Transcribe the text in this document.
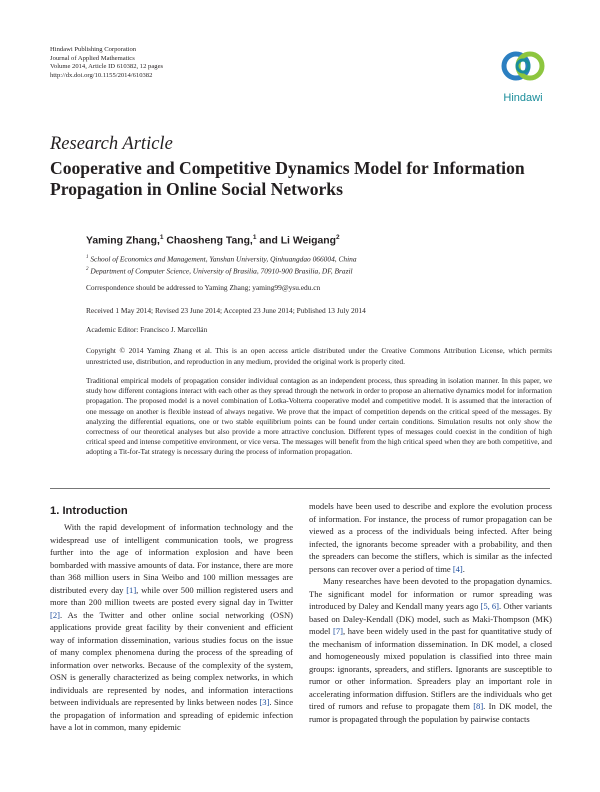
Hindawi Publishing Corporation
Journal of Applied Mathematics
Volume 2014, Article ID 610382, 12 pages
http://dx.doi.org/10.1155/2014/610382
Hindawi
Research Article
Cooperative and Competitive Dynamics Model for Information Propagation in Online Social Networks
Yaming Zhang,$^1$ Chaosheng Tang,$^1$ and Li Weigang$^2$
$^1$ School of Economics and Management, Yanshan University, Qinhuangdao 066004, China
$^2$ Department of Computer Science, University of Brasilia, 70910-900 Brasilia, DF, Brazil
Correspondence should be addressed to Yaming Zhang; yaming99@ysu.edu.cn
Received 1 May 2014; Revised 23 June 2014; Accepted 23 June 2014; Published 13 July 2014
Academic Editor: Francisco J. Marcellán
Copyright © 2014 Yaming Zhang et al. This is an open access article distributed under the Creative Commons Attribution License, which permits unrestricted use, distribution, and reproduction in any medium, provided the original work is properly cited.
Traditional empirical models of propagation consider individual contagion as an independent process, thus spreading in isolation manner. In this paper, we study how different contagions interact with each other as they spread through the network in order to propose an alternative dynamics model for information propagation. The proposed model is a novel combination of Lotka-Volterra cooperative model and competitive model. It is assumed that the interaction of one message on another is flexible instead of always negative. We prove that the impact of competition depends on the critical speed of the messages. By analyzing the differential equations, one or two stable equilibrium points can be found under certain conditions. Simulation results not only show the correctness of our theoretical analyses but also provide a more attractive conclusion. Different types of messages could coexist in the condition of high critical speed and intense competitive environment, or vice versa. The messages will benefit from the high critical speed when they are both competitive, and adopting a Tit-for-Tat strategy is necessary during the process of information propagation.
1. Introduction

With the rapid development of information technology and the widespread use of intelligent communication tools, we progress further into the age of information explosion and have been bombarded with massive amounts of data. For instance, there are more than 368 million users in Sina Weibo and 100 million messages are distributed every day [1], while over 500 million registered users and more than 200 million tweets are posted every signal day in Twitter [2]. As the Twitter and other online social networking (OSN) applications provide great facility by their convenient and efficient way of information dissemination, various studies focus on the issue of many complex phenomena during the process of the spreading of information over networks. Because of the complexity of the system, OSN is generally characterized as being complex networks, in which individuals are represented by nodes, and information interactions between individuals are represented by links between nodes [3]. Since the propagation of information and spreading of epidemic infection have a lot in common, many epidemic

models have been used to describe and explore the evolution process of information. For instance, the process of rumor propagation can be viewed as a process of the individuals being infected. After being infected, the ignorants become spreader with a probability, and then the spreaders can become the stiflers, which is similar as the infected persons can recover over a period of time [4].

Many researches have been devoted to the propagation dynamics. The significant model for information or rumor spreading was introduced by Daley and Kendall many years ago [5, 6]. Other variants based on Daley-Kendall (DK) model, such as Maki-Thompson (MK) model [7], have been widely used in the past for quantitative study of the mechanism of information dissemination. In DK model, a closed and homogeneously mixed population is classified into three main groups: ignorants, spreaders, and stiflers. Ignorants are susceptible to rumor or other information. Spreaders play an important role in accelerating information diffusion. Stiflers are the individuals who get tired of rumors and refuse to propagate them [8]. In DK model, the rumor is propagated through the population by pairwise contacts
